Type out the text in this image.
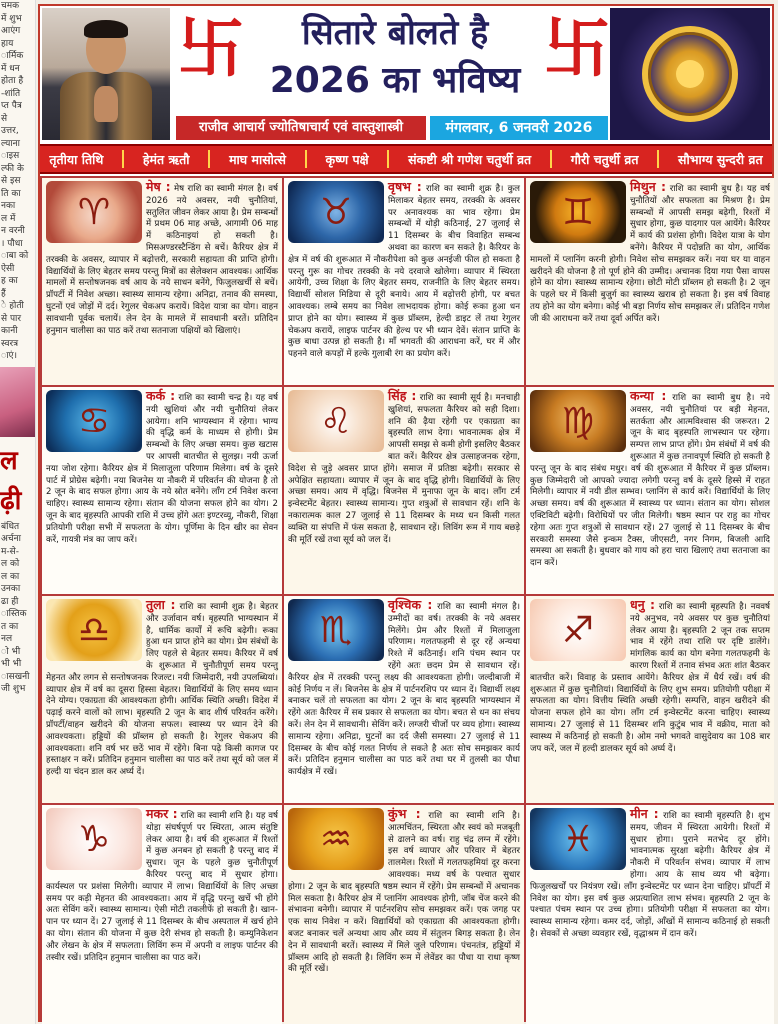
चमक
में शुभ
आएंग
हाय
ार्मिक
में धन
होता है
-शांति
प्त पैत्र
से
उत्तर,
ल्याना
ाइस
ल्फी के
से इस
ति का
नका
ल में
न वरनी
। पौधा
ाबा को
ऐसी
ह का
हैं
े होती
से पार
कानी
स्वरत्र
ाएं।
ल
ढ़ी
बंधित
अर्चना
म-से-
ल को
ल का
उनका
ढा ही
ास्तिक
त का
नल
ो भी
भी भी
ासखनी
जी शुभ
卐	सितारे बोलते है
2026 का भविष्य 卐
राजीव आचार्य ज्योतिषाचार्य एवं वास्तुशास्त्री	मंगलवार, 6 जनवरी 2026
तृतीया तिथि	हेमंत ऋतौ	माघ मासोत्से	कृष्ण पक्षे	संकष्टी श्री गणेश चतुर्थी व्रत	गौरी चतुर्थी व्रत	सौभाग्य सुन्दरी व्रत
♈
मेष : मेष राशि का स्वामी मंगल है। वर्ष 2026 नये अवसर, नयी चुनौतियां, सतुलित जीवन लेकर आया है। प्रेम सम्बन्धों में प्रथम 06 माह अच्छे, आगामी 06 माह में कठिनाइयां हो सकती है। मिसअण्डरस्टैन्डिंग से बचें। कैरियर क्षेत्र में तरक्की के अवसर, व्यापार में बढ़ोत्तरी, सरकारी सहायता की प्राप्ति होगी। विद्यार्थियों के लिए बेहतर समय परन्तु मित्रों का सेलेक्शन आवश्यक। आर्थिक मामलों में सन्तोषजनक वर्ष आय के नये साधन बनेंगे, फिजुलखर्ची से बचें। प्रॉपर्टी में निवेश अच्छा। स्वास्थ्य सामान्य रहेगा। अनिद्रा, तनाव की समस्या, घुटनों एवं जोड़ों में दर्द। रेगुलर चेकअप करायें। विदेश यात्रा का योग। वाहन सावधानी पूर्वक चलायें। लेन देन के मामले में सावधानी बरतें। प्रतिदिन हनुमान चालीसा का पाठ करें तथा सतनाजा पक्षियों को खिलाएं।
♉
वृषभ : राशि का स्वामी शुक्र है। कुल मिलाकर बेहतर समय, तरक्की के अवसर पर अनावश्यक का भाव रहेगा। प्रेम सम्बन्धों में थोड़ी कठिनाई, 27 जुलाई से 11 दिसम्बर के बीच विवाहित सम्बन्ध अथवा का कारण बन सकते है। कैरियर के क्षेत्र में वर्ष की शुरूआत में नौकरीपेशा को कुछ अनईजी फील हो सकता है परन्तु गुरू का गोचर तरक्की के नये दरवाजे खोलेगा। व्यापार में स्थिरता आयेगी, उच्च शिक्षा के लिए बेहतर समय, राजनीति के लिए बेहतर समय। विद्यार्थी सोशल मिडिया से दूरी बनाये। आय में बढ़ोत्तरी होगी, पर बचत आवश्यक। लम्बे समय का निवेश लाभदायक होगा। कोई रूका हुआ धन प्राप्त होने का योग। स्वास्थ्य में कुछ प्रॉब्लम, हेल्दी डाइट लें तथा रेगुलर चेकअप करायें, लाइफ पार्टनर की हेल्थ पर भी ध्यान देवें। संतान प्राप्ति के कुछ बाधा उत्पन्न हो सकती है। माँ भगवती की आराधना करें, घर में और पहनने वाले कपड़ों में हल्के गुलाबी रंग का प्रयोग करें।
♊
मिथुन : राशि का स्वामी बुध है। यह वर्ष चुनौतियों और सफलता का मिश्रण है। प्रेम सम्बन्धों में आपसी समझ बढ़ेगी, रिश्तों में सुधार होगा, कुछ यादगार पल आयेंगे। कैरियर में कार्य की प्रशंसा होगी। विदेश यात्रा के योग बनेंगे। कैरियर में पदोन्नति का योग, आर्थिक मामलों में प्लानिंग करनी होगी। निवेश सोच समझकर करें। नया घर या वाहन खरीदने की योजना है तो पूर्ण होने की उम्मीद। अचानक दिया गया पैसा वापस होने का योग। स्वास्थ्य सामान्य रहेगा। छोटी मोटी प्रॉब्लम हो सकती है। 2 जून के पहले घर में किसी बुजुर्ग का स्वास्थ्य खराब हो सकता है। इस वर्ष विवाह तय होने का योग बनेगा। कोई भी बड़ा निर्णय सोच समझकर लें। प्रतिदिन गणेश जी की आराधना करें तथा दूर्वा अर्पित करें।
♋
कर्क : राशि का स्वामी चन्द्र है। यह वर्ष नयी खुशियां और नयी चुनौतियां लेकर आयेगा। शनि भाग्यस्थान में रहेगा। भाग्य की वृद्धि कर्म के माध्यम से होगी। प्रेम सम्बन्धों के लिए अच्छा समय। कुछ खटास पर आपसी बातचीत से सुलझ। नयी ऊर्जा नया जोश रहेगा। कैरियर क्षेत्र में मिलाजुला परिणाम मिलेगा। वर्ष के दूसरे पार्ट में प्रोग्रेस बढ़ेगी। नया बिजनेस या नौकरी में परिवर्तन की योजना है तो 2 जून के बाद सफल होगा। आय के नये स्रोत बनेंगे। लॉंग टर्म निवेश करना चाहिए। स्वास्थ्य सामान्य रहेगा। संतान की योजना सफल होने का योग। 2 जून के बाद बृहस्पति आपकी राशि में उच्च होंगे अतः इण्टरव्यू, नौकरी, शिक्षा प्रतियोगी परीक्षा सभी में सफलता के योग। पूर्णिमा के दिन खीर का सेवन करें, गायत्री मंत्र का जाप करें।
♌
सिंह : राशि का स्वामी सूर्य है। मनचाही खुशियां, सफलता कैरियर को सही दिशा। शनि की ढ़ैया रहेगी पर एकाग्रता का बृहस्पति लाभ देगा। भावनात्मक क्षेत्र में आपसी समझ से कमी होगी इसलिए बैठकर बात करें। कैरियर क्षेत्र उत्साहजनक रहेगा, विदेश से जुड़े अवसर प्राप्त होंगे। समाज में प्रतिष्ठा बढ़ेगी। सरकार से अपेक्षित सहायता। व्यापार में जून के बाद वृद्धि होगी। विद्यार्थियों के लिए अच्छा समय। आय में वृद्धि। बिजनेस में मुनाफा जून के बाद। लॉंग टर्म इन्वेस्टमेंट बेहतर। स्वास्थ्य सामान्य। गुप्त शत्रुओं से सावधान रहें। शनि के नकारात्मक काल 27 जुलाई से 11 दिसम्बर के मध्य धन किसी गलत व्यक्ति या संपत्ति में फंस सकता है, सावधान रहें। लिविंग रूम में गाय बछड़े की मूर्ति रखें तथा सूर्य को जल दें।
♍
कन्या : राशि का स्वामी बुध है। नये अवसर, नयी चुनौतियां पर बड़ी मेहनत, सतर्कता और आत्मविश्वास की जरूरत। 2 जून के बाद बृहस्पति लाभस्थान पर रहेगा। सम्पत्त लाभ प्राप्त होंगे। प्रेम संबंधों में वर्ष की शुरूआत में कुछ तनावपूर्ण स्थिति हो सकती है परन्तु जून के बाद संबंध मधुर। वर्ष की शुरूआत में कैरियर में कुछ प्रॉब्लम। कुछ जिम्मेदारी जो आपको ज्यादा लगेगी परन्तु वर्ष के दूसरे हिस्से में राहत मिलेगी। व्यापार में नयी डील सम्भव। प्लानिंग से कार्य करें। विद्यार्थियों के लिए अच्छा समय। वर्ष की शुरूआत में स्वास्थ्य पर ध्यान। संतान का योग। सोशल एक्टिविटी बढ़ेगी। विरोधियों पर जीत मिलेगी। षष्ठम स्थान पर राहु का गोचर रहेगा अतः गुप्त शत्रुओं से सावधान रहें। 27 जुलाई से 11 दिसम्बर के बीच सरकारी समस्या जैसे इन्कम टैक्स, जीएसटी, नगर निगम, बिजली आदि समस्या आ सकती है। बुधवार को गाय को हरा चारा खिलाएं तथा सतनाजा का दान करें।
♎
तुला : राशि का स्वामी शुक्र है। बेहतर और उर्जावान वर्ष। बृहस्पति भाग्यस्थान में है, धार्मिक कार्यों में रूचि बढ़ेगी। रूका हुआ धन प्राप्त होने का योग। प्रेम संबंधों के लिए पहले से बेहतर समय। कैरियर में वर्ष के शुरूआत में चुनौतीपूर्ण समय परन्तु मेहनत और लगन से सन्तोषजनक रिजल्ट। नयी जिम्मेदारी, नयी उपलब्धियां। व्यापार क्षेत्र में वर्ष का दूसरा हिस्सा बेहतर। विद्यार्थियों के लिए समय ध्यान देने योग्य। एकाग्रता की आवश्यकता होगी। आर्थिक स्थिति अच्छी। विदेश में पढ़ाई करने वालों को लाभ। बृहस्पति 2 जून के बाद शीर्ष परिवर्तन करेंगे। प्रॉपर्टी/वाहन खरीदने की योजना सफल। स्वास्थ्य पर ध्यान देने की आवश्यकता। हड्डियों की प्रॉब्लम हो सकती है। रेगुलर चेकअप की आवश्यकता। शनि वर्ष भर छठें भाव में रहेंगे। बिना पढ़े किसी कागज पर हस्ताक्षर न करें। प्रतिदिन हनुमान चालीसा का पाठ करें तथा सूर्य को जल में हल्दी या चंदन डाल कर अर्घ्य दें।
♏
वृश्चिक : राशि का स्वामी मंगल है। उम्मीदों का वर्ष। तरक्की के नये अवसर मिलेंगे। प्रेम और रिश्तों में मिलाजुला परिणाम। गलतफहमी से दूर रहें अन्यथा रिश्ते में कठिनाई। शनि पंचम स्थान पर रहेंगे अतः छदम प्रेम से सावधान रहें। कैरियर क्षेत्र में तरक्की परन्तु लक्ष्य की आवश्यकता होगी। जल्दीबाजी में कोई निर्णय न लें। बिजनेस के क्षेत्र में पार्टनरशिप पर ध्यान दें। विद्यार्थी लक्ष्य बनाकर चलें तो सफलता का योग। 2 जून के बाद बृहस्पति भाग्यस्थान में रहेंगे अतः कैरियर में सब प्रकार से सफलता का योग। बचत से धन का संचय करें। लेन देन में सावधानी। सेविंग करें। लग्जरी चीजों पर व्यय होगा। स्वास्थ्य सामान्य रहेगा। अनिद्रा, घुटनों का दर्द जैसी समस्या। 27 जुलाई से 11 दिसम्बर के बीच कोई गलत निर्णय ले सकते है अतः सोच समझकर कार्य करें। प्रतिदिन हनुमान चालीसा का पाठ करें तथा घर में तुलसी का पौधा कार्यक्षेत्र में रखें।
♐
धनु : राशि का स्वामी बृहस्पति है। नववर्ष नये अनुभव, नये अवसर पर कुछ चुनौतियां लेकर आया है। बृहस्पति 2 जून तक सप्तम भाव में रहेंगे तथा राशि पर दृष्टि डालेंगे। मांगलिक कार्य का योग बनेगा गलतफहमी के कारण रिश्तों में तनाव संभव अतः शांत बैठकर बातचीत करें। विवाह के प्रस्ताव आयेंगे। कैरियर क्षेत्र में धैर्य रखें। वर्ष की शुरूआत में कुछ चुनौतियां। विद्यार्थियों के लिए शुभ समय। प्रतियोगी परीक्षा में सफलता का योग। वित्तीय स्थिति अच्छी रहेगी। सम्पत्ति, वाहन खरीदने की योजना सफल होने का योग। लॉंग टर्म इन्वेस्टमेंट करना चाहिए। स्वास्थ्य सामान्य। 27 जुलाई से 11 दिसम्बर शनि कुटुंब भाव में वक्रीय, माता को स्वास्थ्य में कठिनाई हो सकती है। ओम नमो भगवते वासुदेवाय का 108 बार जप करें, जल में हल्दी डालकर सूर्य को अर्घ्य दें।
♑
मकर : राशि का स्वामी शनि है। यह वर्ष थोड़ा संघर्षपूर्ण पर स्थिरता, आत्म संतुष्टि लेकर आया है। वर्ष की शुरूआत में रिश्तों में कुछ अनबन हो सकती है परन्तु बाद में सुधार। जून के पहले कुछ चुनौतीपूर्ण कैरियर परन्तु बाद में सुधार होगा। कार्यस्थल पर प्रशंसा मिलेगी। व्यापार में लाभ। विद्यार्थियों के लिए अच्छा समय पर कड़ी मेहनत की आवश्यकता। आय में वृद्धि परन्तु खर्चे भी होंगे अतः सेविंग करें। स्वास्थ्य सामान्य। ऐसी मोटी तकलीफें हो सकती है। खान-पान पर ध्यान दें। 27 जुलाई से 11 दिसम्बर के बीच अस्पताल में खर्च होने का योग। संतान की योजना में कुछ देरी संभव हो सकती है। कम्युनिकेशन और लेखन के क्षेत्र में सफलता। लिविंग रूम में अपनी व लाइफ पार्टनर की तस्वीर रखें। प्रतिदिन हनुमान चालीसा का पाठ करें।
♒
कुंभ : राशि का स्वामी शनि है। आत्मचिंतन, स्थिरता और स्वयं को मजबूती से ढालने का वर्ष। राहु चंद्र लग्न में रहेंगे। इस वर्ष व्यापार और परिवार में बेहतर तालमेल। रिश्तों में गलतफहमियां दूर करना आवश्यक। मध्य वर्ष के पश्चात सुधार होगा। 2 जून के बाद बृहस्पति षष्ठम स्थान में रहेंगे। प्रेम सम्बन्धों में अचानक मिल सकता है। कैरियर क्षेत्र में प्लानिंग आवश्यक होगी, जॉब चेंज करने की संभावना बनेगी। व्यापार में पार्टनरशिप सोच समझकर करें। एक जगह पर एक साथ निवेश न करें। विद्यार्थियों को एकाग्रता की आवश्यकता होगी। बजट बनाकर चलें अन्यथा आय और व्यय में संतुलन बिगड़ सकता है। लेन देन में सावधानी बरतें। स्वास्थ्य में मिले जुले परिणाम। पंचनतंत्र, हड्डियों में प्रॉब्लम आदि हो सकती है। लिविंग रूम में लेवेंडर का पौधा या राधा कृष्ण की मूर्ति रखें।
♓
मीन : राशि का स्वामी बृहस्पति है। शुभ समय, जीवन में स्थिरता आयेगी। रिश्तों में सुधार होगा। पुराने मतभेद दूर होंगे। भावनात्मक सुरक्षा बढ़ेगी। कैरियर क्षेत्र में नौकरी में परिवर्तन संभव। व्यापार में लाभ होगा। आय के साथ व्यय भी बढ़ेगा। फिजुलखर्चों पर नियंत्रण रखें। लॉंग इन्वेस्टमेंट पर ध्यान देना चाहिए। प्रॉपर्टी में निवेश का योग। इस वर्ष कुछ अप्रत्याशित लाभ संभव। बृहस्पति 2 जून के पश्चात पंचम स्थान पर उच्च होगा। प्रतियोगी परीक्षा में सफलता का योग। स्वास्थ्य सामान्य रहेगा। कमर दर्द, जोड़ों, आँखों में सामान्य कठिनाई हो सकती है। सेवकों से अच्छा व्यवहार रखें, वृद्धाश्रम में दान करें।
